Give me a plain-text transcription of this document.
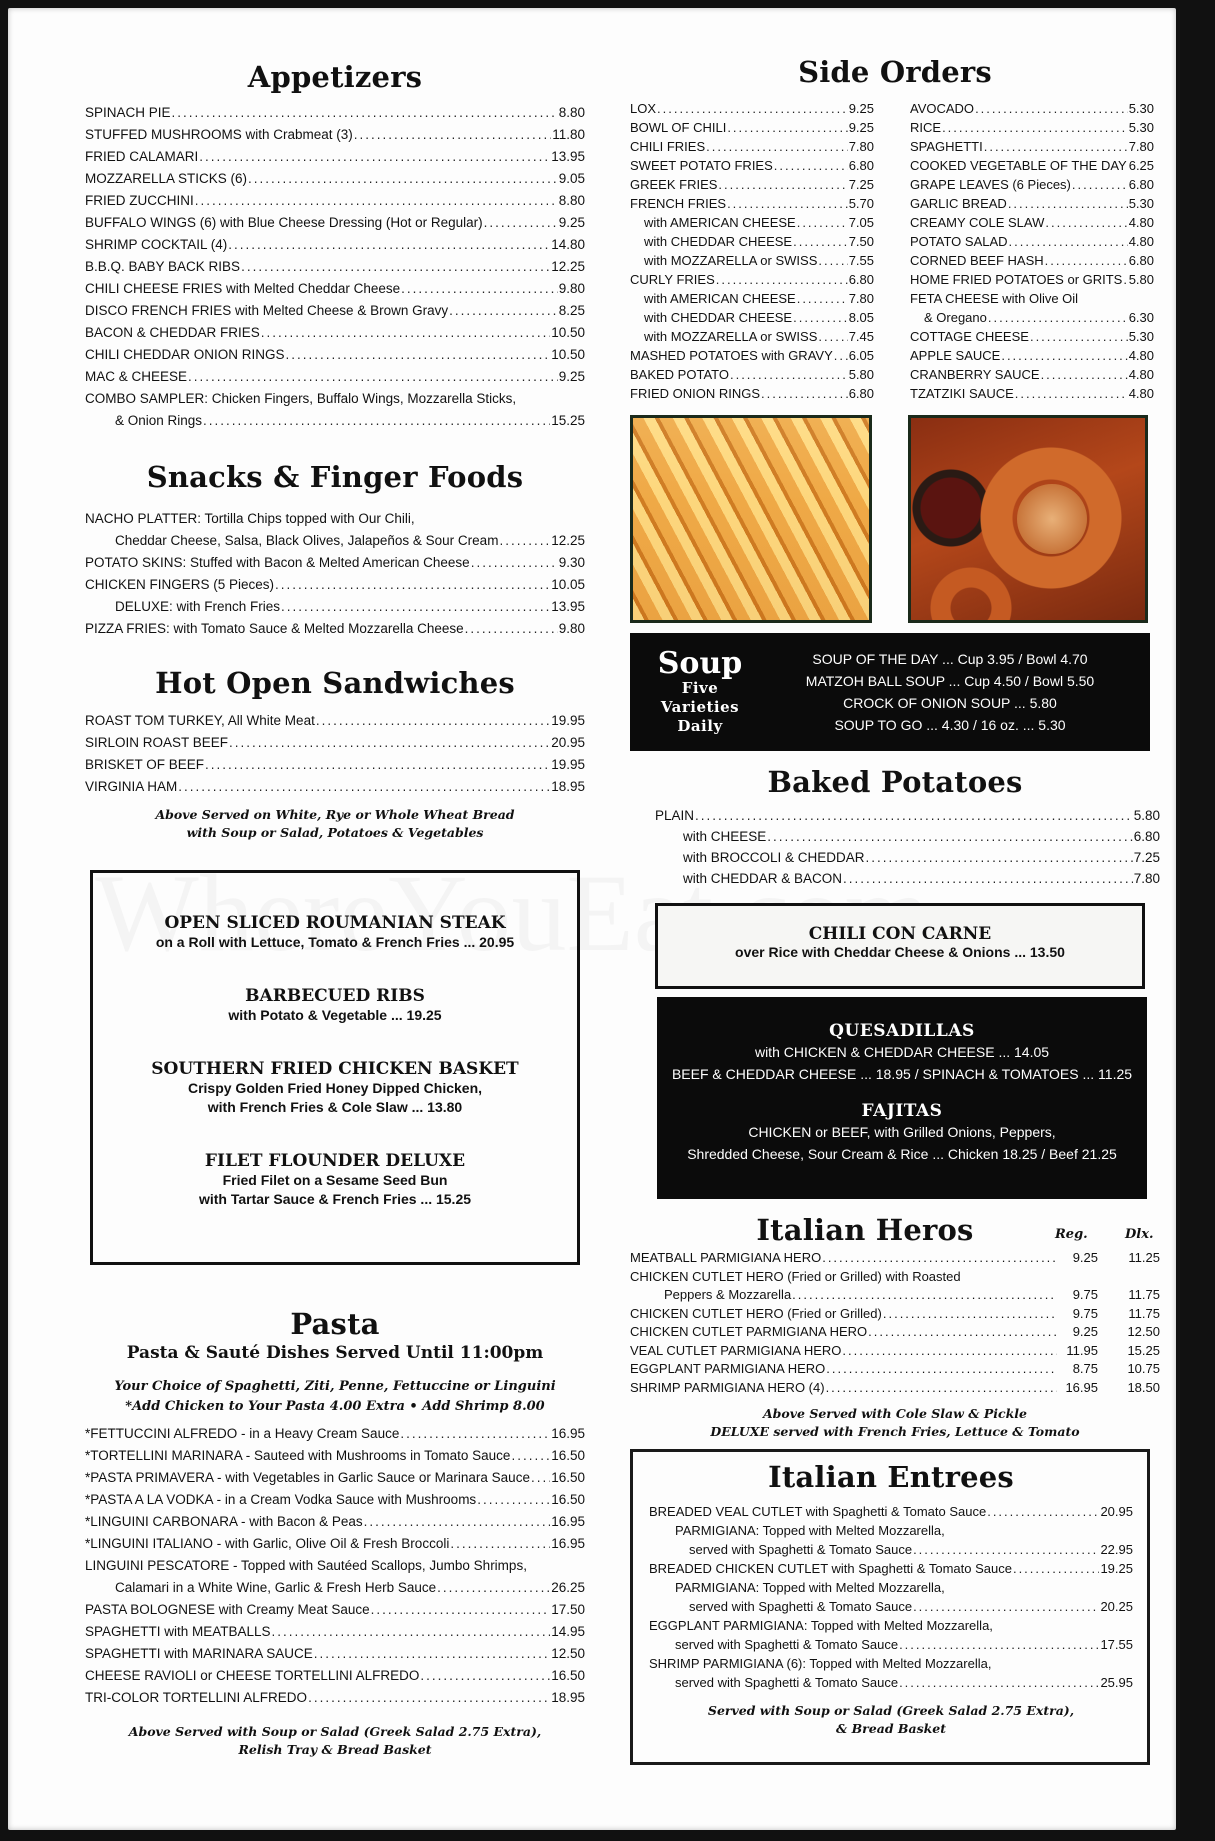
Appetizers
SPINACH PIE .....	8.80
STUFFED MUSHROOMS with Crabmeat (3) .....	11.80
FRIED CALAMARI .....	13.95
MOZZARELLA STICKS (6) .....	9.05
FRIED ZUCCHINI .....	8.80
BUFFALO WINGS (6) with Blue Cheese Dressing (Hot or Regular) .....	9.25
SHRIMP COCKTAIL (4) .....	14.80
B.B.Q. BABY BACK RIBS .....	12.25
CHILI CHEESE FRIES with Melted Cheddar Cheese .....	9.80
DISCO FRENCH FRIES with Melted Cheese & Brown Gravy .....	8.25
BACON & CHEDDAR FRIES .....	10.50
CHILI CHEDDAR ONION RINGS .....	10.50
MAC & CHEESE .....	9.25
COMBO SAMPLER: Chicken Fingers, Buffalo Wings, Mozzarella Sticks,
& Onion Rings .....	15.25
Snacks & Finger Foods
NACHO PLATTER: Tortilla Chips topped with Our Chili,
Cheddar Cheese, Salsa, Black Olives, Jalapeños & Sour Cream .....	12.25
POTATO SKINS: Stuffed with Bacon & Melted American Cheese .....	9.30
CHICKEN FINGERS (5 Pieces) .....	10.05
DELUXE: with French Fries .....	13.95
PIZZA FRIES: with Tomato Sauce & Melted Mozzarella Cheese .....	9.80
Hot Open Sandwiches
ROAST TOM TURKEY, All White Meat .....	19.95
SIRLOIN ROAST BEEF .....	20.95
BRISKET OF BEEF .....	19.95
VIRGINIA HAM .....	18.95
Above Served on White, Rye or Whole Wheat Bread
with Soup or Salad, Potatoes & Vegetables
OPEN SLICED ROUMANIAN STEAK
on a Roll with Lettuce, Tomato & French Fries ... 20.95
BARBECUED RIBS
with Potato & Vegetable ... 19.25
SOUTHERN FRIED CHICKEN BASKET
Crispy Golden Fried Honey Dipped Chicken,
with French Fries & Cole Slaw ... 13.80
FILET FLOUNDER DELUXE
Fried Filet on a Sesame Seed Bun
with Tartar Sauce & French Fries ... 15.25
Pasta
Pasta & Sauté Dishes Served Until 11:00pm
Your Choice of Spaghetti, Ziti, Penne, Fettuccine or Linguini
*Add Chicken to Your Pasta 4.00 Extra • Add Shrimp 8.00
*FETTUCCINI ALFREDO - in a Heavy Cream Sauce .....	16.95
*TORTELLINI MARINARA - Sauteed with Mushrooms in Tomato Sauce .....	16.50
*PASTA PRIMAVERA - with Vegetables in Garlic Sauce or Marinara Sauce ..... 16.50
*PASTA A LA VODKA - in a Cream Vodka Sauce with Mushrooms .....	16.50
*LINGUINI CARBONARA - with Bacon & Peas .....	16.95
*LINGUINI ITALIANO - with Garlic, Olive Oil & Fresh Broccoli .....	16.95
LINGUINI PESCATORE - Topped with Sautéed Scallops, Jumbo Shrimps,
Calamari in a White Wine, Garlic & Fresh Herb Sauce .....	26.25
PASTA BOLOGNESE with Creamy Meat Sauce .....	17.50
SPAGHETTI with MEATBALLS .....	14.95
SPAGHETTI with MARINARA SAUCE .....	12.50
CHEESE RAVIOLI or CHEESE TORTELLINI ALFREDO .....	16.50
TRI-COLOR TORTELLINI ALFREDO .....	18.95
Above Served with Soup or Salad (Greek Salad 2.75 Extra),
Relish Tray & Bread Basket
Side Orders
LOX .....	9.25
BOWL OF CHILI .....	9.25
CHILI FRIES .....	7.80
SWEET POTATO FRIES .....	6.80
GREEK FRIES .....	7.25
FRENCH FRIES .....	5.70
with AMERICAN CHEESE .....	7.05
with CHEDDAR CHEESE .....	7.50
with MOZZARELLA or SWISS ..... 7.55
CURLY FRIES .....	6.80
with AMERICAN CHEESE .....	7.80
with CHEDDAR CHEESE .....	8.05
with MOZZARELLA or SWISS ..... 7.45
MASHED POTATOES with GRAVY ..... 6.05
BAKED POTATO .....	5.80
FRIED ONION RINGS .....	6.80
AVOCADO .....	5.30
RICE .....	5.30
SPAGHETTI .....	7.80
COOKED VEGETABLE OF THE DAY 6.25
GRAPE LEAVES (6 Pieces) .....	6.80
GARLIC BREAD .....	5.30
CREAMY COLE SLAW .....	4.80
POTATO SALAD .....	4.80
CORNED BEEF HASH .....	6.80
HOME FRIED POTATOES or GRITS ..... 5.80
FETA CHEESE with Olive Oil
& Oregano .....	6.30
COTTAGE CHEESE .....	5.30
APPLE SAUCE .....	4.80
CRANBERRY SAUCE .....	4.80
TZATZIKI SAUCE .....	4.80
Soup
Five
Varieties
Daily
SOUP OF THE DAY ... Cup 3.95 / Bowl 4.70
MATZOH BALL SOUP ... Cup 4.50 / Bowl 5.50
CROCK OF ONION SOUP ... 5.80
SOUP TO GO ... 4.30 / 16 oz. ... 5.30
Baked Potatoes
PLAIN .....	5.80
with CHEESE .....	6.80
with BROCCOLI & CHEDDAR .....	7.25
with CHEDDAR & BACON .....	7.80
CHILI CON CARNE
over Rice with Cheddar Cheese & Onions ... 13.50
QUESADILLAS
with CHICKEN & CHEDDAR CHEESE ... 14.05
BEEF & CHEDDAR CHEESE ... 18.95 / SPINACH & TOMATOES ... 11.25
FAJITAS
CHICKEN or BEEF, with Grilled Onions, Peppers,
Shredded Cheese, Sour Cream & Rice ... Chicken 18.25 / Beef 21.25
Italian Heros	Reg.	Dlx.
MEATBALL PARMIGIANA HERO .....	9.25	11.25
CHICKEN CUTLET HERO (Fried or Grilled) with Roasted
Peppers & Mozzarella .....	9.75	11.75
CHICKEN CUTLET HERO (Fried or Grilled) .....	9.75	11.75
CHICKEN CUTLET PARMIGIANA HERO .....	9.25	12.50
VEAL CUTLET PARMIGIANA HERO .....	11.95	15.25
EGGPLANT PARMIGIANA HERO .....	8.75	10.75
SHRIMP PARMIGIANA HERO (4) .....	16.95	18.50
Above Served with Cole Slaw & Pickle
DELUXE served with French Fries, Lettuce & Tomato
Italian Entrees
BREADED VEAL CUTLET with Spaghetti & Tomato Sauce .....	20.95
PARMIGIANA: Topped with Melted Mozzarella,
served with Spaghetti & Tomato Sauce .....	22.95
BREADED CHICKEN CUTLET with Spaghetti & Tomato Sauce .....	19.25
PARMIGIANA: Topped with Melted Mozzarella,
served with Spaghetti & Tomato Sauce .....	20.25
EGGPLANT PARMIGIANA: Topped with Melted Mozzarella,
served with Spaghetti & Tomato Sauce .....	17.55
SHRIMP PARMIGIANA (6): Topped with Melted Mozzarella,
served with Spaghetti & Tomato Sauce .....	25.95
Served with Soup or Salad (Greek Salad 2.75 Extra),
& Bread Basket
